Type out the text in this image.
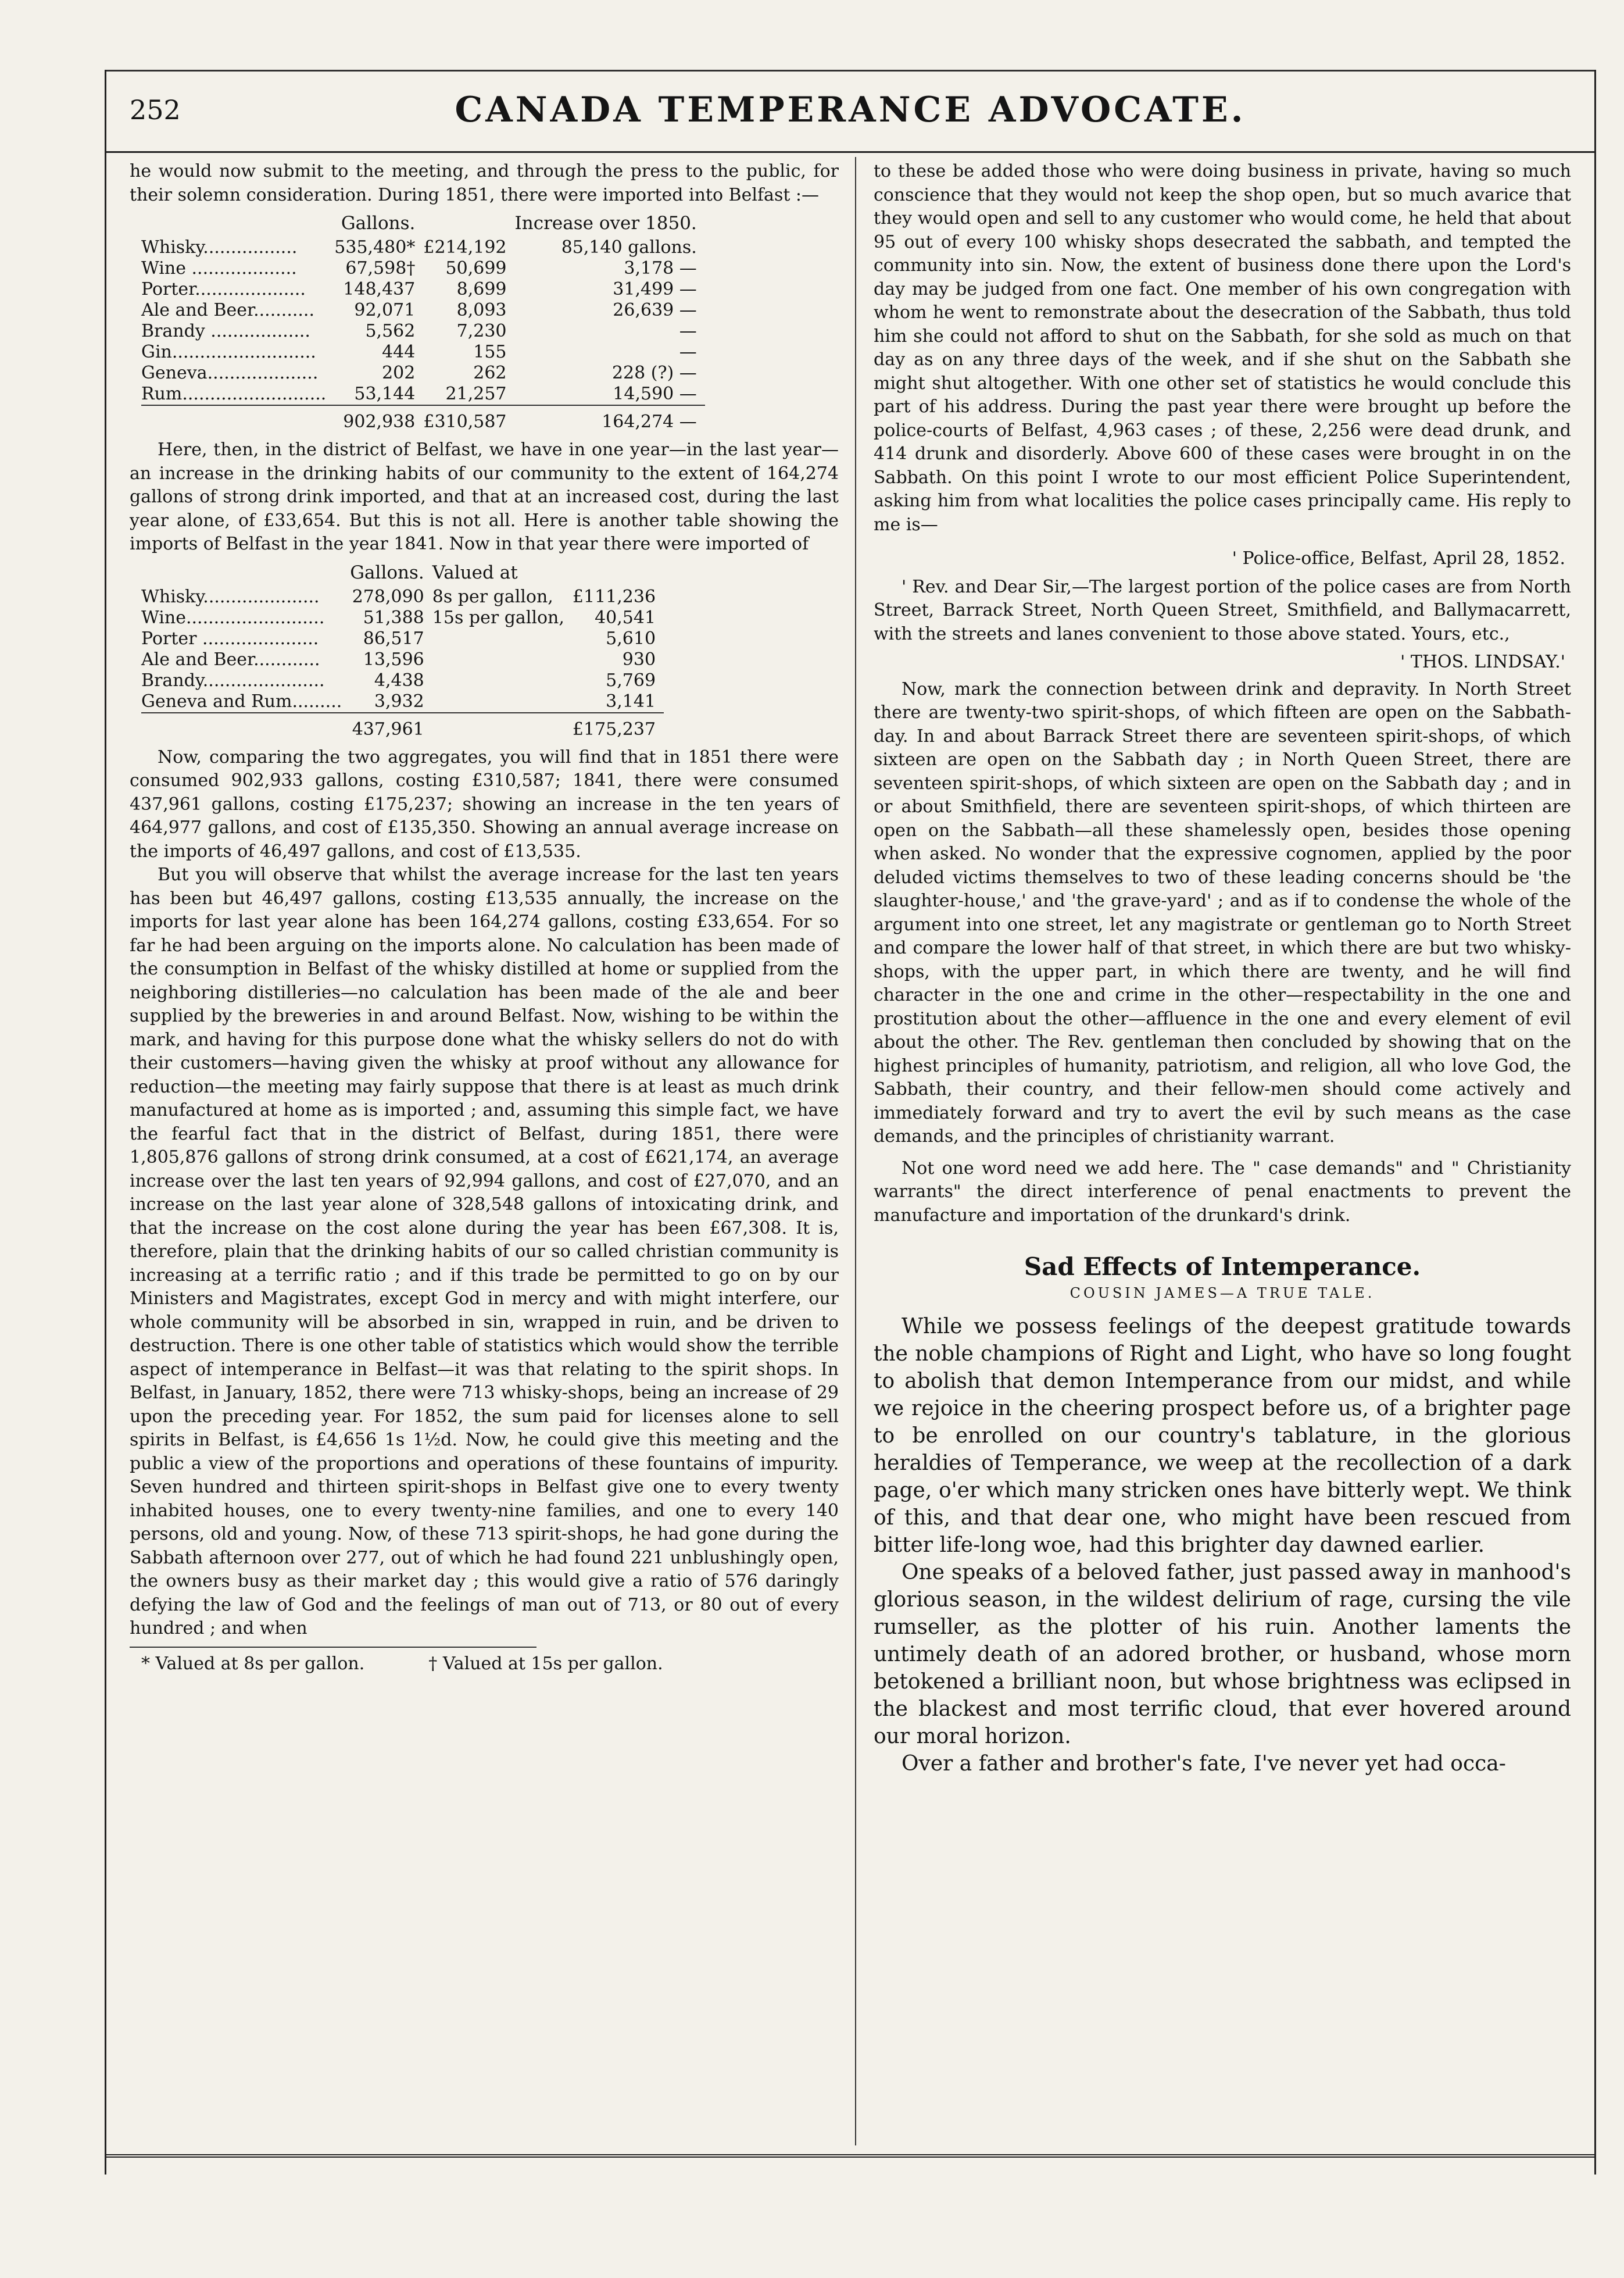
252	CANADA TEMPERANCE ADVOCATE.

he would now submit to the meeting, and through the press to the public, for their solemn consideration. During 1851, there were imported into Belfast :—

	Gallons.		Increase over 1850.
Whisky.................	535,480*	£214,192	85,140 gallons.
Wine ...................	67,598†	50,699	3,178 —
Porter....................	148,437	8,699	31,499 —
Ale and Beer...........	92,071	8,093	26,639 —
Brandy ..................	5,562	7,230	—
Gin..........................	444	155	—
Geneva....................	202	262	228 (?) —
Rum..........................	53,144	21,257	14,590 —
	902,938	£310,587	164,274 —

Here, then, in the district of Belfast, we have in one year—in the last year—an increase in the drinking habits of our community to the extent of 164,274 gallons of strong drink imported, and that at an increased cost, during the last year alone, of £33,654. But this is not all. Here is another table showing the imports of Belfast in the year 1841. Now in that year there were imported of

	Gallons.	Valued at	
Whisky.....................	278,090	8s per gallon,	£111,236
Wine.........................	51,388	15s per gallon,	40,541
Porter .....................	86,517		5,610
Ale and Beer............	13,596		930
Brandy......................	4,438		5,769
Geneva and Rum.........	3,932		3,141
	437,961		£175,237

Now, comparing the two aggregates, you will find that in 1851 there were consumed 902,933 gallons, costing £310,587; 1841, there were consumed 437,961 gallons, costing £175,237; showing an increase in the ten years of 464,977 gallons, and cost of £135,350. Showing an annual average increase on the imports of 46,497 gallons, and cost of £13,535.

But you will observe that whilst the average increase for the last ten years has been but 46,497 gallons, costing £13,535 annually, the increase on the imports for last year alone has been 164,274 gallons, costing £33,654. For so far he had been arguing on the imports alone. No calculation has been made of the consumption in Belfast of the whisky distilled at home or supplied from the neighboring distilleries—no calculation has been made of the ale and beer supplied by the breweries in and around Belfast. Now, wishing to be within the mark, and having for this purpose done what the whisky sellers do not do with their customers—having given the whisky at proof without any allowance for reduction—the meeting may fairly suppose that there is at least as much drink manufactured at home as is imported ; and, assuming this simple fact, we have the fearful fact that in the district of Belfast, during 1851, there were 1,805,876 gallons of strong drink consumed, at a cost of £621,174, an average increase over the last ten years of 92,994 gallons, and cost of £27,070, and an increase on the last year alone of 328,548 gallons of intoxicating drink, and that the increase on the cost alone during the year has been £67,308. It is, therefore, plain that the drinking habits of our so called christian community is increasing at a terrific ratio ; and if this trade be permitted to go on by our Ministers and Magistrates, except God in mercy and with might interfere, our whole community will be absorbed in sin, wrapped in ruin, and be driven to destruction. There is one other table of statistics which would show the terrible aspect of intemperance in Belfast—it was that relating to the spirit shops. In Belfast, in January, 1852, there were 713 whisky-shops, being an increase of 29 upon the preceding year. For 1852, the sum paid for licenses alone to sell spirits in Belfast, is £4,656 1s 1½d. Now, he could give this meeting and the public a view of the proportions and operations of these fountains of impurity. Seven hundred and thirteen spirit-shops in Belfast give one to every twenty inhabited houses, one to every twenty-nine families, and one to every 140 persons, old and young. Now, of these 713 spirit-shops, he had gone during the Sabbath afternoon over 277, out of which he had found 221 unblushingly open, the owners busy as their market day ; this would give a ratio of 576 daringly defying the law of God and the feelings of man out of 713, or 80 out of every hundred ; and when

* Valued at 8s per gallon.	† Valued at 15s per gallon.

to these be added those who were doing business in private, having so much conscience that they would not keep the shop open, but so much avarice that they would open and sell to any customer who would come, he held that about 95 out of every 100 whisky shops desecrated the sabbath, and tempted the community into sin. Now, the extent of business done there upon the Lord's day may be judged from one fact. One member of his own congregation with whom he went to remonstrate about the desecration of the Sabbath, thus told him she could not afford to shut on the Sabbath, for she sold as much on that day as on any three days of the week, and if she shut on the Sabbath she might shut altogether. With one other set of statistics he would conclude this part of his address. During the past year there were brought up before the police-courts of Belfast, 4,963 cases ; of these, 2,256 were dead drunk, and 414 drunk and disorderly. Above 600 of these cases were brought in on the Sabbath. On this point I wrote to our most efficient Police Superintendent, asking him from what localities the police cases principally came. His reply to me is—

' Police-office, Belfast, April 28, 1852.

' Rev. and Dear Sir,—The largest portion of the police cases are from North Street, Barrack Street, North Queen Street, Smithfield, and Ballymacarrett, with the streets and lanes convenient to those above stated. Yours, etc.,

' THOS. LINDSAY.'

Now, mark the connection between drink and depravity. In North Street there are twenty-two spirit-shops, of which fifteen are open on the Sabbath-day. In and about Barrack Street there are seventeen spirit-shops, of which sixteen are open on the Sabbath day ; in North Queen Street, there are seventeen spirit-shops, of which sixteen are open on the Sabbath day ; and in or about Smithfield, there are seventeen spirit-shops, of which thirteen are open on the Sabbath—all these shamelessly open, besides those opening when asked. No wonder that the expressive cognomen, applied by the poor deluded victims themselves to two of these leading concerns should be 'the slaughter-house,' and 'the grave-yard' ; and as if to condense the whole of the argument into one street, let any magistrate or gentleman go to North Street and compare the lower half of that street, in which there are but two whisky-shops, with the upper part, in which there are twenty, and he will find character in the one and crime in the other—respectability in the one and prostitution about the other—affluence in the one and every element of evil about the other. The Rev. gentleman then concluded by showing that on the highest principles of humanity, patriotism, and religion, all who love God, the Sabbath, their country, and their fellow-men should come actively and immediately forward and try to avert the evil by such means as the case demands, and the principles of christianity warrant.

Not one word need we add here. The " case demands" and " Christianity warrants" the direct interference of penal enactments to prevent the manufacture and importation of the drunkard's drink.

Sad Effects of Intemperance.
COUSIN JAMES—A TRUE TALE.

While we possess feelings of the deepest gratitude towards the noble champions of Right and Light, who have so long fought to abolish that demon Intemperance from our midst, and while we rejoice in the cheering prospect before us, of a brighter page to be enrolled on our country's tablature, in the glorious heraldies of Temperance, we weep at the recollection of a dark page, o'er which many stricken ones have bitterly wept. We think of this, and that dear one, who might have been rescued from bitter life-long woe, had this brighter day dawned earlier.

One speaks of a beloved father, just passed away in manhood's glorious season, in the wildest delirium of rage, cursing the vile rumseller, as the plotter of his ruin. Another laments the untimely death of an adored brother, or husband, whose morn betokened a brilliant noon, but whose brightness was eclipsed in the blackest and most terrific cloud, that ever hovered around our moral horizon.

Over a father and brother's fate, I've never yet had occa-
